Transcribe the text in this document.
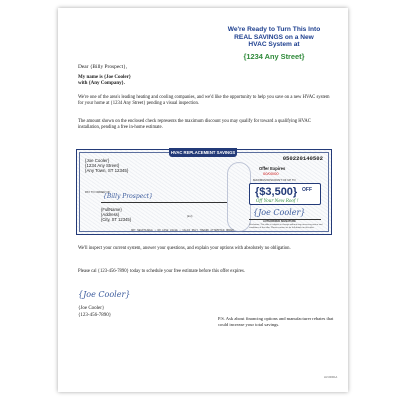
We're Ready to Turn This Into
REAL SAVINGS on a New
HVAC System at
{1234 Any Street}
Dear {Billy Prospect},
My name is {Joe Cooler}
with {Any Company}.
We're one of the area's leading heating and cooling companies, and we'd like the opportunity to help you save on a new HVAC system for your home at {1234 Any Street} pending a visual inspection.
The amount shown on the enclosed check represents the maximum discount you may qualify for toward a qualifying HVAC installation, pending a free in-home estimate.
HVAC REPLACEMENT SAVINGS
050220140502
{Joe Cooler}
{1234 Any Street}
{Any Town, ST 12345}	Offer Expires
00/00/00
MAXIMUM DISCOUNT OF UP TO
{$3,500} OFF
Off Your New Roof !
PAY TO ORDER OF
{Billy Prospect}
{FullName}
{Address}
{City, ST 12345}
{inv}	{Joe Cooler}
AUTHORIZED SIGNATURE
Disclaimer: This offer is subject to change without any necessary notice and conditions of the offer. Please contact us for full details on this offer.
NOT NEGOTIABLE • NO CASH VALUE • VALID ONLY TOWARD ATTEMPTED ORDER
We'll inspect your current system, answer your questions, and explain your options with absolutely no obligation.
Please cal {123-456-7890} today to schedule your free estimate before this offer expires.
{Joe Cooler}
{Joe Cooler}
{123-456-7890}
P.S. Ask about financing options and manufacturer rebates that could increase your total savings.
HV-00001A
